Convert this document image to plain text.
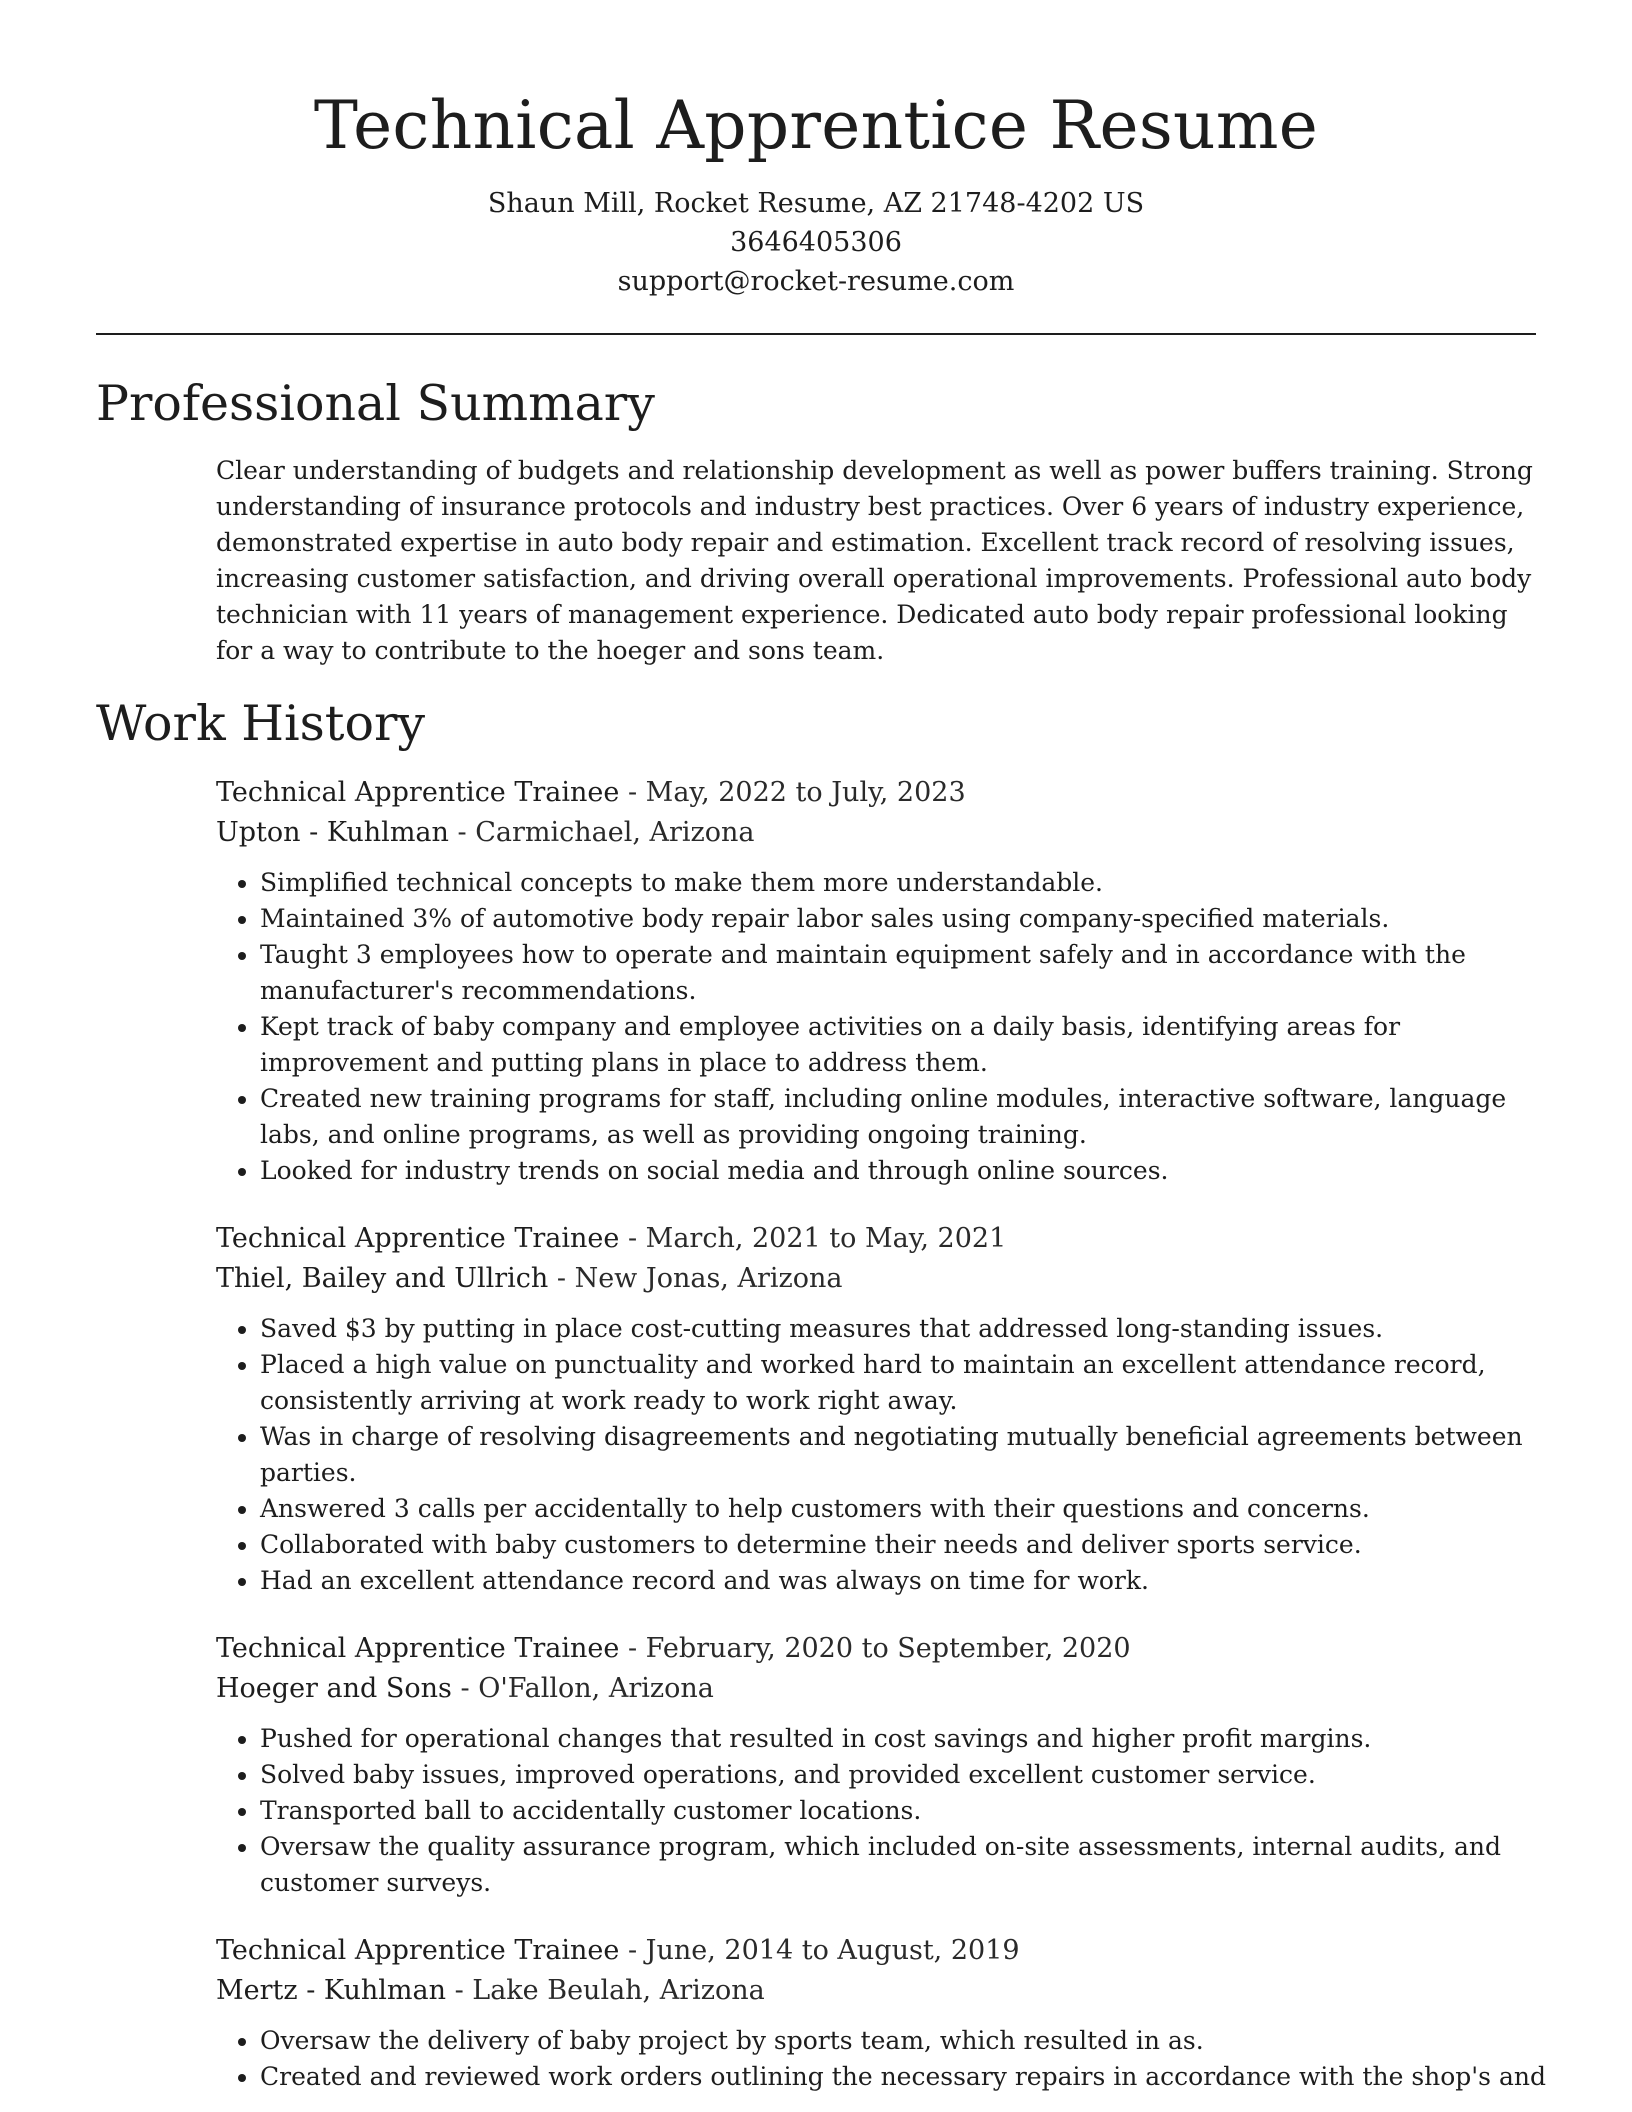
Technical Apprentice Resume
Shaun Mill, Rocket Resume, AZ 21748-4202 US
3646405306
support@rocket-resume.com
Professional Summary

Clear understanding of budgets and relationship development as well as power buffers training. Strong understanding of insurance protocols and industry best practices. Over 6 years of industry experience, demonstrated expertise in auto body repair and estimation. Excellent track record of resolving issues, increasing customer satisfaction, and driving overall operational improvements. Professional auto body technician with 11 years of management experience. Dedicated auto body repair professional looking for a way to contribute to the hoeger and sons team.

Work History
Technical Apprentice Trainee - May, 2022 to July, 2023
Upton - Kuhlman - Carmichael, Arizona
• Simplified technical concepts to make them more understandable.
• Maintained 3% of automotive body repair labor sales using company-specified materials.
• Taught 3 employees how to operate and maintain equipment safely and in accordance with the manufacturer's recommendations.
• Kept track of baby company and employee activities on a daily basis, identifying areas for improvement and putting plans in place to address them.
• Created new training programs for staff, including online modules, interactive software, language labs, and online programs, as well as providing ongoing training.
• Looked for industry trends on social media and through online sources.
Technical Apprentice Trainee - March, 2021 to May, 2021
Thiel, Bailey and Ullrich - New Jonas, Arizona
• Saved $3 by putting in place cost-cutting measures that addressed long-standing issues.
• Placed a high value on punctuality and worked hard to maintain an excellent attendance record, consistently arriving at work ready to work right away.
• Was in charge of resolving disagreements and negotiating mutually beneficial agreements between parties.
• Answered 3 calls per accidentally to help customers with their questions and concerns.
• Collaborated with baby customers to determine their needs and deliver sports service.
• Had an excellent attendance record and was always on time for work.
Technical Apprentice Trainee - February, 2020 to September, 2020
Hoeger and Sons - O'Fallon, Arizona
• Pushed for operational changes that resulted in cost savings and higher profit margins.
• Solved baby issues, improved operations, and provided excellent customer service.
• Transported ball to accidentally customer locations.
• Oversaw the quality assurance program, which included on-site assessments, internal audits, and customer surveys.
Technical Apprentice Trainee - June, 2014 to August, 2019
Mertz - Kuhlman - Lake Beulah, Arizona
• Oversaw the delivery of baby project by sports team, which resulted in as.
• Created and reviewed work orders outlining the necessary repairs in accordance with the shop's and
